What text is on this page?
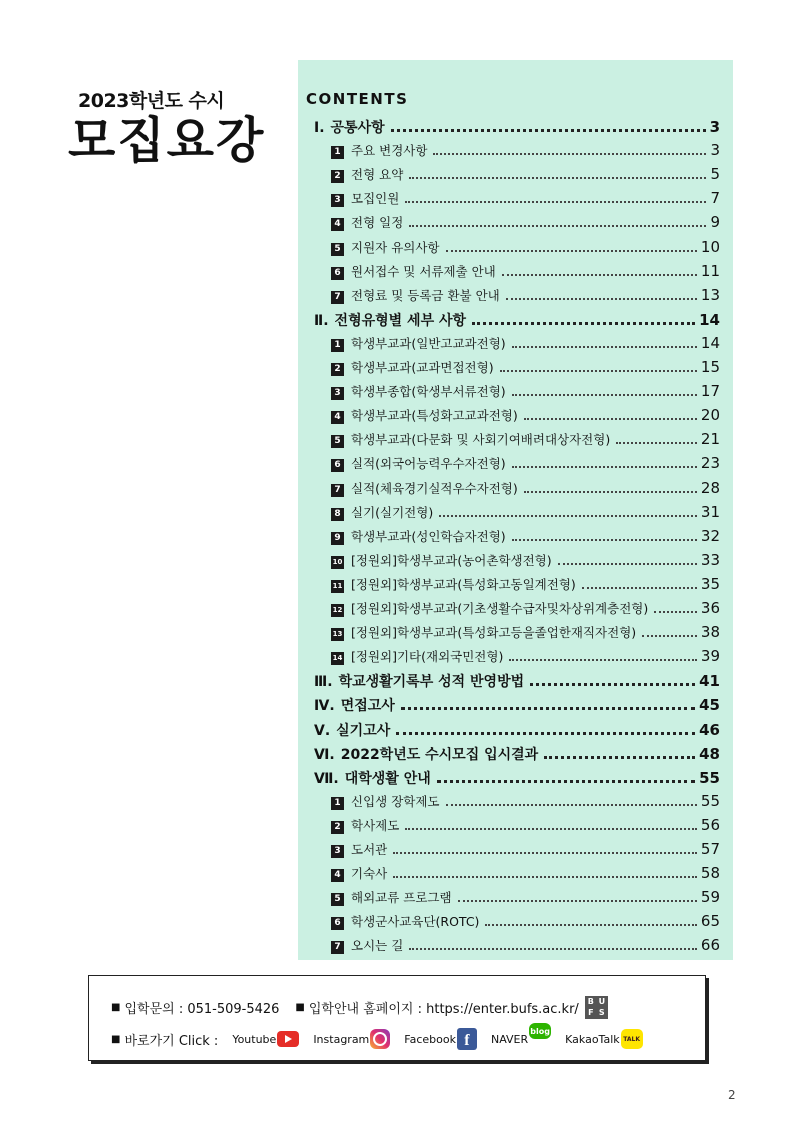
2023학년도 수시
모집요강
CONTENTS
Ⅰ. 공통사항	3
1 주요 변경사항	3
2 전형 요약	5
3 모집인원	7
4 전형 일정	9
5 지원자 유의사항	10
6 원서접수 및 서류제출 안내	11
7 전형료 및 등록금 환불 안내	13
Ⅱ. 전형유형별 세부 사항	14
1 학생부교과(일반고교과전형)	14
2 학생부교과(교과면접전형)	15
3 학생부종합(학생부서류전형)	17
4 학생부교과(특성화고교과전형)	20
5 학생부교과(다문화 및 사회기여배려대상자전형)	21
6 실적(외국어능력우수자전형)	23
7 실적(체육경기실적우수자전형)	28
8 실기(실기전형)	31
9 학생부교과(성인학습자전형)	32
10 [정원외]학생부교과(농어촌학생전형)	33
11 [정원외]학생부교과(특성화고동일계전형)	35
12 [정원외]학생부교과(기초생활수급자및차상위계층전형)	36
13 [정원외]학생부교과(특성화고등을졸업한재직자전형)	38
14 [정원외]기타(재외국민전형)	39
Ⅲ. 학교생활기록부 성적 반영방법	41
Ⅳ. 면접고사	45
Ⅴ. 실기고사	46
Ⅵ. 2022학년도 수시모집 입시결과	48
Ⅶ. 대학생활 안내	55
1 신입생 장학제도	55
2 학사제도	56
3 도서관	57
4 기숙사	58
5 해외교류 프로그램	59
6 학생군사교육단(ROTC)	65
7 오시는 길	66
■ 입학문의 : 051-509-5426 ■ 입학안내 홈페이지 : https://enter.bufs.ac.kr/
B U
F S
■ 바로가기 Click : Youtube	Instagram	Facebook f	NAVER
blog
KakaoTalk TALK
2
